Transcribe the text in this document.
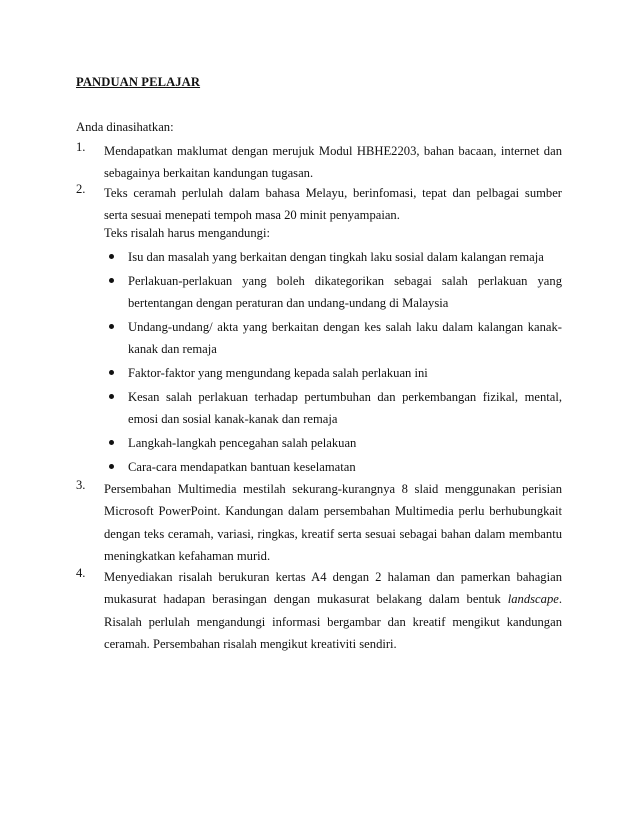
PANDUAN PELAJAR
Anda dinasihatkan:
1. Mendapatkan maklumat dengan merujuk Modul HBHE2203, bahan bacaan, internet dan sebagainya berkaitan kandungan tugasan.
2. Teks ceramah perlulah dalam bahasa Melayu, berinfomasi, tepat dan pelbagai sumber serta sesuai menepati tempoh masa 20 minit penyampaian.
Teks risalah harus mengandungi:
Isu dan masalah yang berkaitan dengan tingkah laku sosial dalam kalangan remaja
Perlakuan-perlakuan yang boleh dikategorikan sebagai salah perlakuan yang bertentangan dengan peraturan dan undang-undang di Malaysia
Undang-undang/ akta yang berkaitan dengan kes salah laku dalam kalangan kanak-kanak dan remaja
Faktor-faktor yang mengundang kepada salah perlakuan ini
Kesan salah perlakuan terhadap pertumbuhan dan perkembangan fizikal, mental, emosi dan sosial kanak-kanak dan remaja
Langkah-langkah pencegahan salah pelakuan
Cara-cara mendapatkan bantuan keselamatan
3. Persembahan Multimedia mestilah sekurang-kurangnya 8 slaid menggunakan perisian Microsoft PowerPoint. Kandungan dalam persembahan Multimedia perlu berhubungkait dengan teks ceramah, variasi, ringkas, kreatif serta sesuai sebagai bahan dalam membantu meningkatkan kefahaman murid.
4. Menyediakan risalah berukuran kertas A4 dengan 2 halaman dan pamerkan bahagian mukasurat hadapan berasingan dengan mukasurat belakang dalam bentuk landscape. Risalah perlulah mengandungi informasi bergambar dan kreatif mengikut kandungan ceramah. Persembahan risalah mengikut kreativiti sendiri.
